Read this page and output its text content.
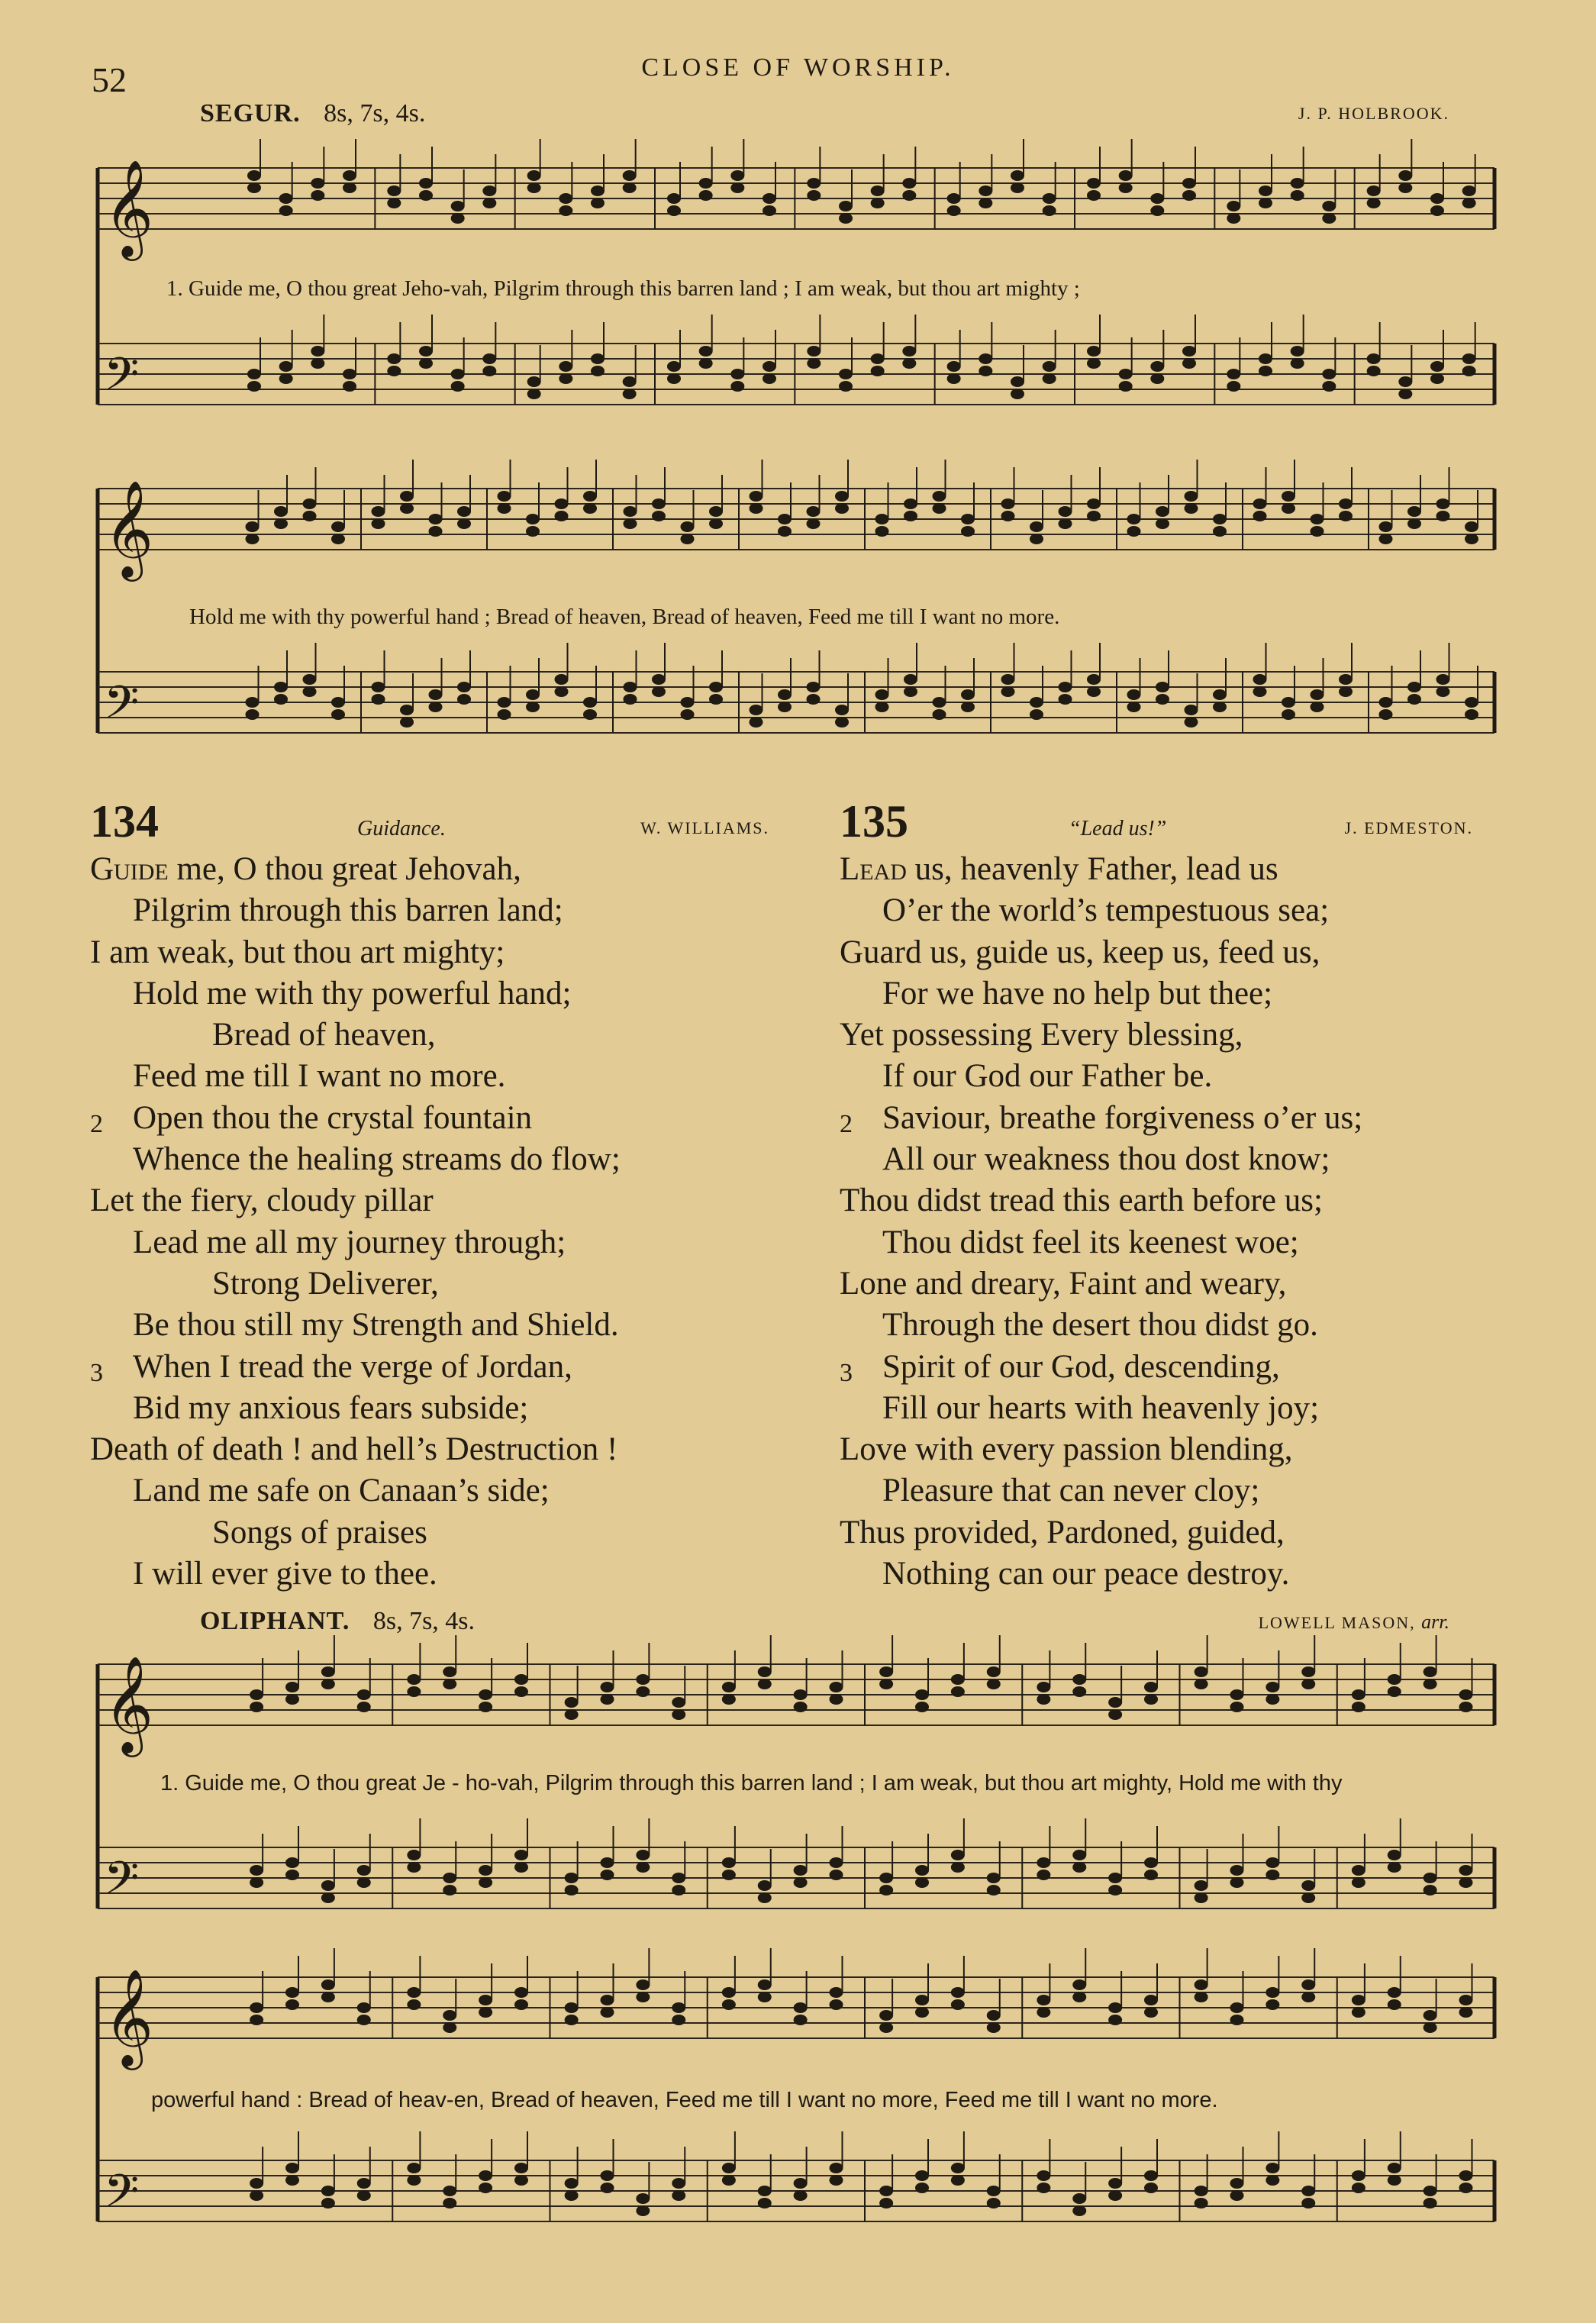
52	CLOSE OF WORSHIP.
SEGUR. 8s, 7s, 4s.	J. P. HOLBROOK.
𝄞
𝄢
1. Guide me, O thou great Jeho-vah, Pilgrim through this barren land ; I am weak, but thou art mighty ;
𝄞
𝄢
Hold me with thy powerful hand ; Bread of heaven, Bread of heaven, Feed me till I want no more.
134	Guidance.	W. WILLIAMS.
Guide me, O thou great Jehovah,
Pilgrim through this barren land;
I am weak, but thou art mighty;
Hold me with thy powerful hand;
Bread of heaven,
Feed me till I want no more.
2 Open thou the crystal fountain
Whence the healing streams do flow;
Let the fiery, cloudy pillar
Lead me all my journey through;
Strong Deliverer,
Be thou still my Strength and Shield.
3 When I tread the verge of Jordan,
Bid my anxious fears subside;
Death of death ! and hell’s Destruction !
Land me safe on Canaan’s side;
Songs of praises
I will ever give to thee.
135	“Lead us!”	J. EDMESTON.
Lead us, heavenly Father, lead us
O’er the world’s tempestuous sea;
Guard us, guide us, keep us, feed us,
For we have no help but thee;
Yet possessing Every blessing,
If our God our Father be.
2 Saviour, breathe forgiveness o’er us;
All our weakness thou dost know;
Thou didst tread this earth before us;
Thou didst feel its keenest woe;
Lone and dreary, Faint and weary,
Through the desert thou didst go.
3 Spirit of our God, descending,
Fill our hearts with heavenly joy;
Love with every passion blending,
Pleasure that can never cloy;
Thus provided, Pardoned, guided,
Nothing can our peace destroy.
OLIPHANT. 8s, 7s, 4s.	LOWELL MASON, arr.
𝄞
𝄢
1. Guide me, O thou great Je - ho-vah, Pilgrim through this barren land ; I am weak, but thou art mighty, Hold me with thy
𝄞
𝄢
powerful hand : Bread of heav-en, Bread of heaven, Feed me till I want no more, Feed me till I want no more.
